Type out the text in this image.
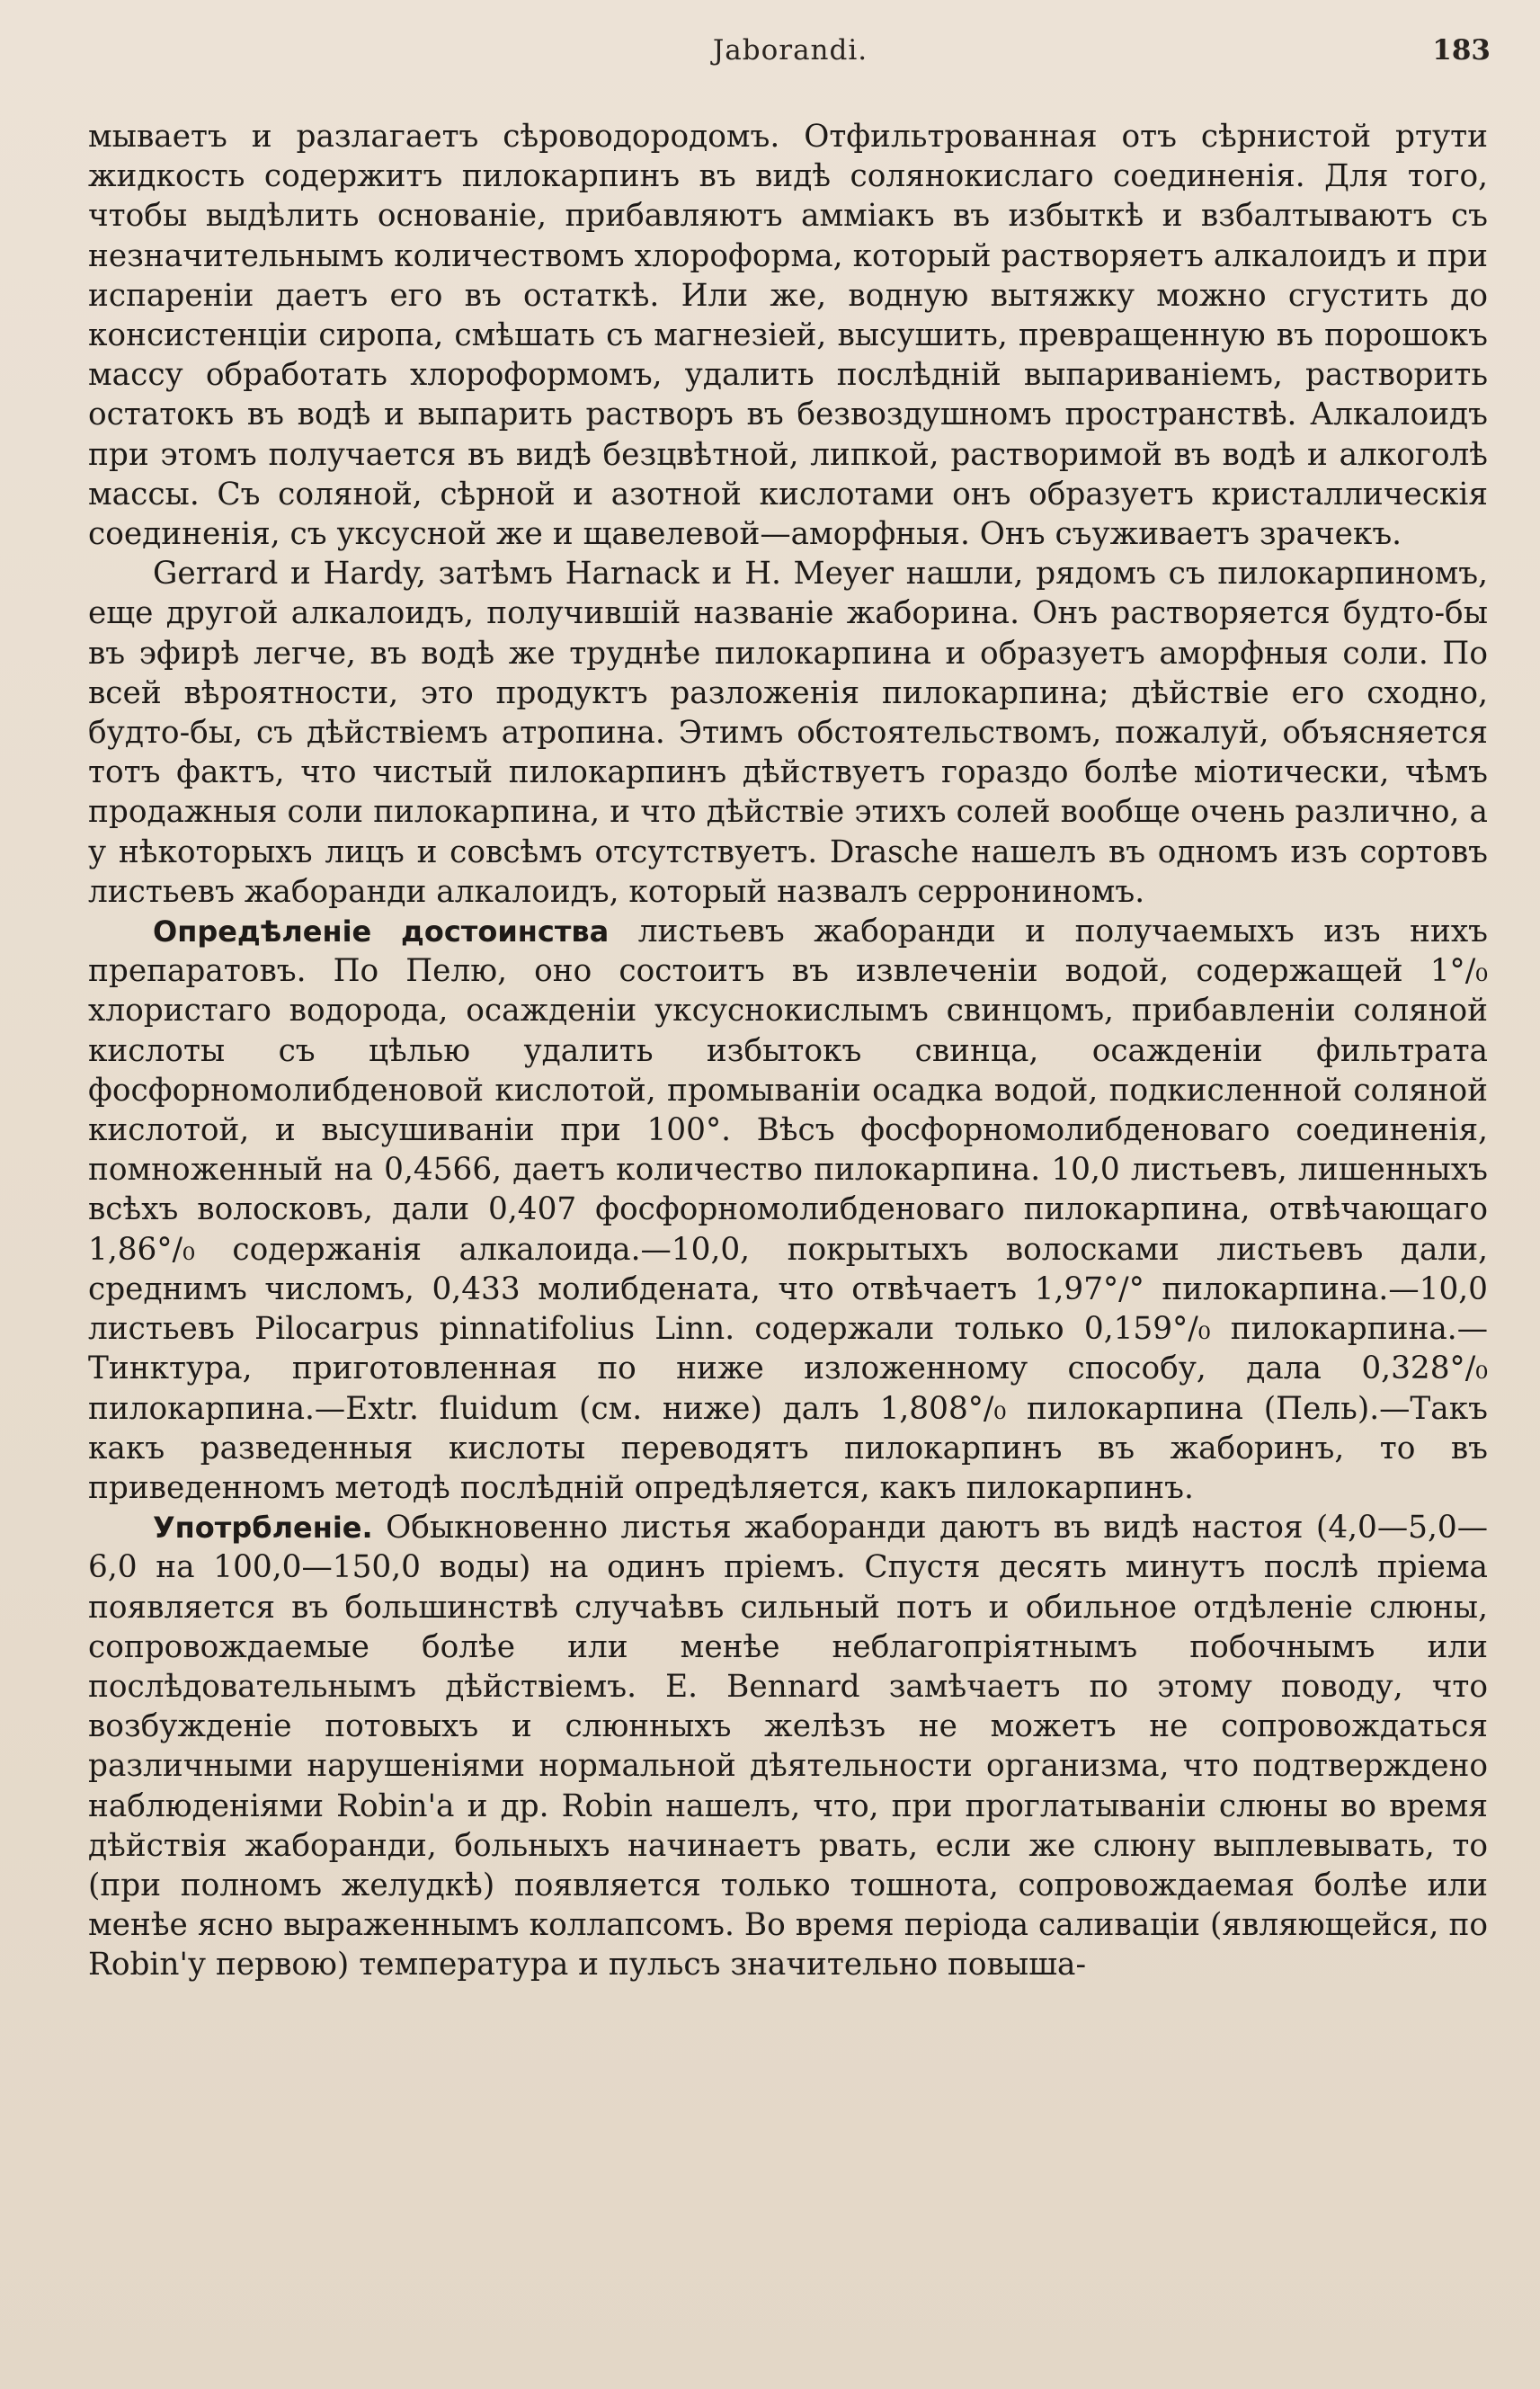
Jaborandi.	183

мываетъ и разлагаетъ сѣроводородомъ. Отфильтрованная отъ сѣрнистой ртути жидкость содержитъ пилокарпинъ въ видѣ солянокислаго соединенія. Для того, чтобы выдѣлить основаніе, прибавляютъ амміакъ въ избыткѣ и взбалтываютъ съ незначительнымъ количествомъ хлороформа, который растворяетъ алкалоидъ и при испареніи даетъ его въ остаткѣ. Или же, водную вытяжку можно сгустить до консистенціи сиропа, смѣшать съ магнезіей, высушить, превращенную въ порошокъ массу обработать хлороформомъ, удалить послѣдній выпариваніемъ, растворить остатокъ въ водѣ и выпарить растворъ въ безвоздушномъ пространствѣ. Алкалоидъ при этомъ получается въ видѣ безцвѣтной, липкой, растворимой въ водѣ и алкоголѣ массы. Съ соляной, сѣрной и азотной кислотами онъ образуетъ кристаллическія соединенія, съ уксусной же и щавелевой—аморфныя. Онъ съуживаетъ зрачекъ.

Gerrard и Hardy, затѣмъ Harnack и H. Meyer нашли, рядомъ съ пилокарпиномъ, еще другой алкалоидъ, получившій названіе жаборина. Онъ растворяется будто-бы въ эфирѣ легче, въ водѣ же труднѣе пилокарпина и образуетъ аморфныя соли. По всей вѣроятности, это продуктъ разложенія пилокарпина; дѣйствіе его сходно, будто-бы, съ дѣйствіемъ атропина. Этимъ обстоятельствомъ, пожалуй, объясняется тотъ фактъ, что чистый пилокарпинъ дѣйствуетъ гораздо болѣе міотически, чѣмъ продажныя соли пилокарпина, и что дѣйствіе этихъ солей вообще очень различно, а у нѣкоторыхъ лицъ и совсѣмъ отсутствуетъ. Drasche нашелъ въ одномъ изъ сортовъ листьевъ жаборанди алкалоидъ, который назвалъ серрониномъ.

Опредѣленіе достоинства листьевъ жаборанди и получаемыхъ изъ нихъ препаратовъ. По Пелю, оно состоитъ въ извлеченіи водой, содержащей 1°/₀ хлористаго водорода, осажденіи уксуснокислымъ свинцомъ, прибавленіи соляной кислоты съ цѣлью удалить избытокъ свинца, осажденіи фильтрата фосфорномолибденовой кислотой, промываніи осадка водой, подкисленной соляной кислотой, и высушиваніи при 100°. Вѣсъ фосфорномолибденоваго соединенія, помноженный на 0,4566, даетъ количество пилокарпина. 10,0 листьевъ, лишенныхъ всѣхъ волосковъ, дали 0,407 фосфорномолибденоваго пилокарпина, отвѣчающаго 1,86°/₀ содержанія алкалоида.—10,0, покрытыхъ волосками листьевъ дали, среднимъ числомъ, 0,433 молибдената, что отвѣчаетъ 1,97°/° пилокарпина.—10,0 листьевъ Pilocarpus pinnatifolius Linn. содержали только 0,159°/₀ пилокарпина.—Тинктура, приготовленная по ниже изложенному способу, дала 0,328°/₀ пилокарпина.—Extr. fluidum (см. ниже) далъ 1,808°/₀ пилокарпина (Пель).—Такъ какъ разведенныя кислоты переводятъ пилокарпинъ въ жаборинъ, то въ приведенномъ методѣ послѣдній опредѣляется, какъ пилокарпинъ.

Употрбленіе. Обыкновенно листья жаборанди даютъ въ видѣ настоя (4,0—5,0—6,0 на 100,0—150,0 воды) на одинъ пріемъ. Спустя десять минутъ послѣ пріема появляется въ большинствѣ случаѣвъ сильный потъ и обильное отдѣленіе слюны, сопровождаемые болѣе или менѣе неблагопріятнымъ побочнымъ или послѣдовательнымъ дѣйствіемъ. E. Bennard замѣчаетъ по этому поводу, что возбужденіе потовыхъ и слюнныхъ желѣзъ не можетъ не сопровождаться различными нарушеніями нормальной дѣятельности организма, что подтверждено наблюденіями Robin'а и др. Robin нашелъ, что, при проглатываніи слюны во время дѣйствія жабоpанди, больныхъ начинаетъ рвать, если же слюну выплевывать, то (при полномъ желудкѣ) появляется только тошнота, сопровождаемая болѣе или менѣе ясно выраженнымъ коллапсомъ. Во время періода саливаціи (являющейся, по Robin'у первою) температура и пульсъ значительно повыша-
